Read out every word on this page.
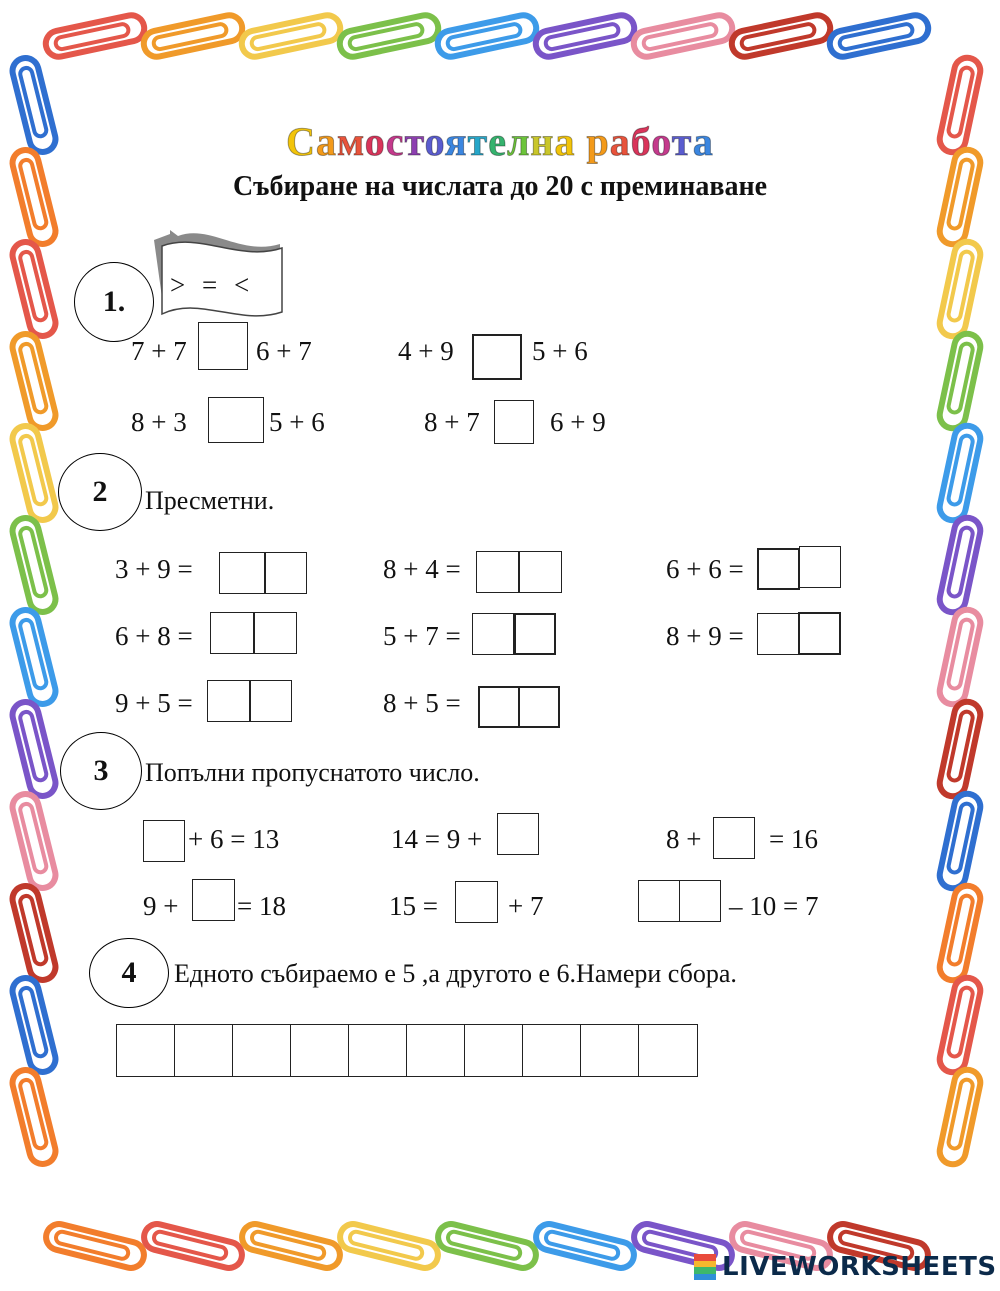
Самостоятелна работа
Събиране на числата до 20 с преминаване
> = <
1.
7 + 7	6 + 7	4 + 9	5 + 6
8 + 3	5 + 6	8 + 7	6 + 9
2 Пресметни.
3 + 9 =	8 + 4 =	6 + 6 =
6 + 8 =	5 + 7 =	8 + 9 =
9 + 5 =	8 + 5 =
3 Попълни пропуснатото число.
+ 6 = 13	14 = 9 +	8 +	= 16
9 + = 18	15 =	+ 7	– 10 = 7
4 Едното събираемо е 5 ,а другото е 6.Намери сбора.
LIVEWORKSHEETS
